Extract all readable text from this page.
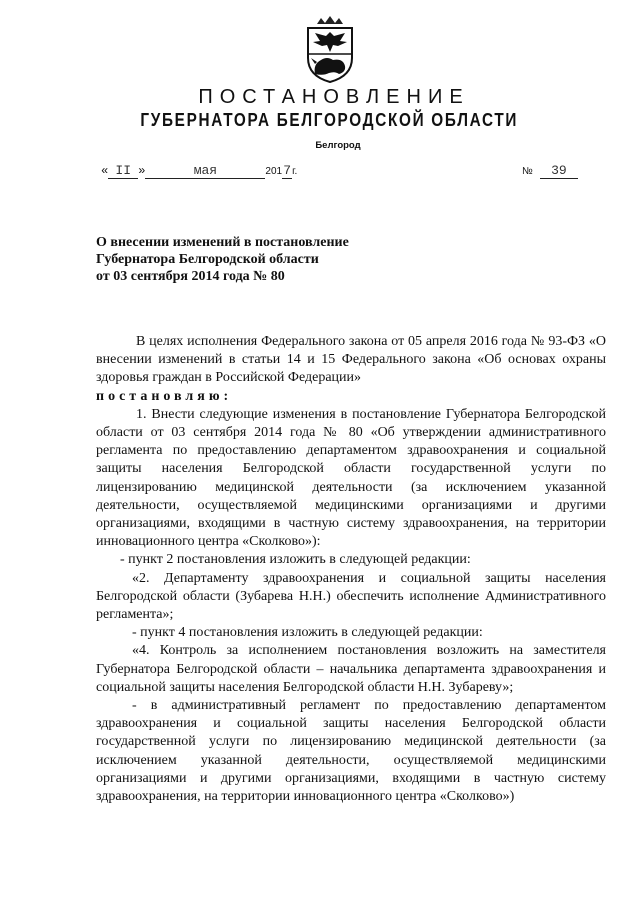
ПОСТАНОВЛЕНИЕ
ГУБЕРНАТОРА БЕЛГОРОДСКОЙ ОБЛАСТИ
Белгород
« II »	мая	2017г.	№ 39
О внесении изменений в постановление
Губернатора Белгородской области
от 03 сентября 2014 года № 80

В целях исполнения Федерального закона от 05 апреля 2016 года № 93-ФЗ «О внесении изменений в статьи 14 и 15 Федерального закона «Об основах охраны здоровья граждан в Российской Федерации»
постановляю:

1. Внести следующие изменения в постановление Губернатора Белгородской области от 03 сентября 2014 года № 80 «Об утверждении административного регламента по предоставлению департаментом здравоохранения и социальной защиты населения Белгородской области государственной услуги по лицензированию медицинской деятельности (за исключением указанной деятельности, осуществляемой медицинскими организациями и другими организациями, входящими в частную систему здравоохранения, на территории инновационного центра «Сколково»):

- пункт 2 постановления изложить в следующей редакции:

«2. Департаменту здравоохранения и социальной защиты населения Белгородской области (Зубарева Н.Н.) обеспечить исполнение Административного регламента»;

- пункт 4 постановления изложить в следующей редакции:

«4. Контроль за исполнением постановления возложить на заместителя Губернатора Белгородской области – начальника департамента здравоохранения и социальной защиты населения Белгородской области Н.Н. Зубареву»;

- в административный регламент по предоставлению департаментом здравоохранения и социальной защиты населения Белгородской области государственной услуги по лицензированию медицинской деятельности (за исключением указанной деятельности, осуществляемой медицинскими организациями и другими организациями, входящими в частную систему здравоохранения, на территории инновационного центра «Сколково»)
